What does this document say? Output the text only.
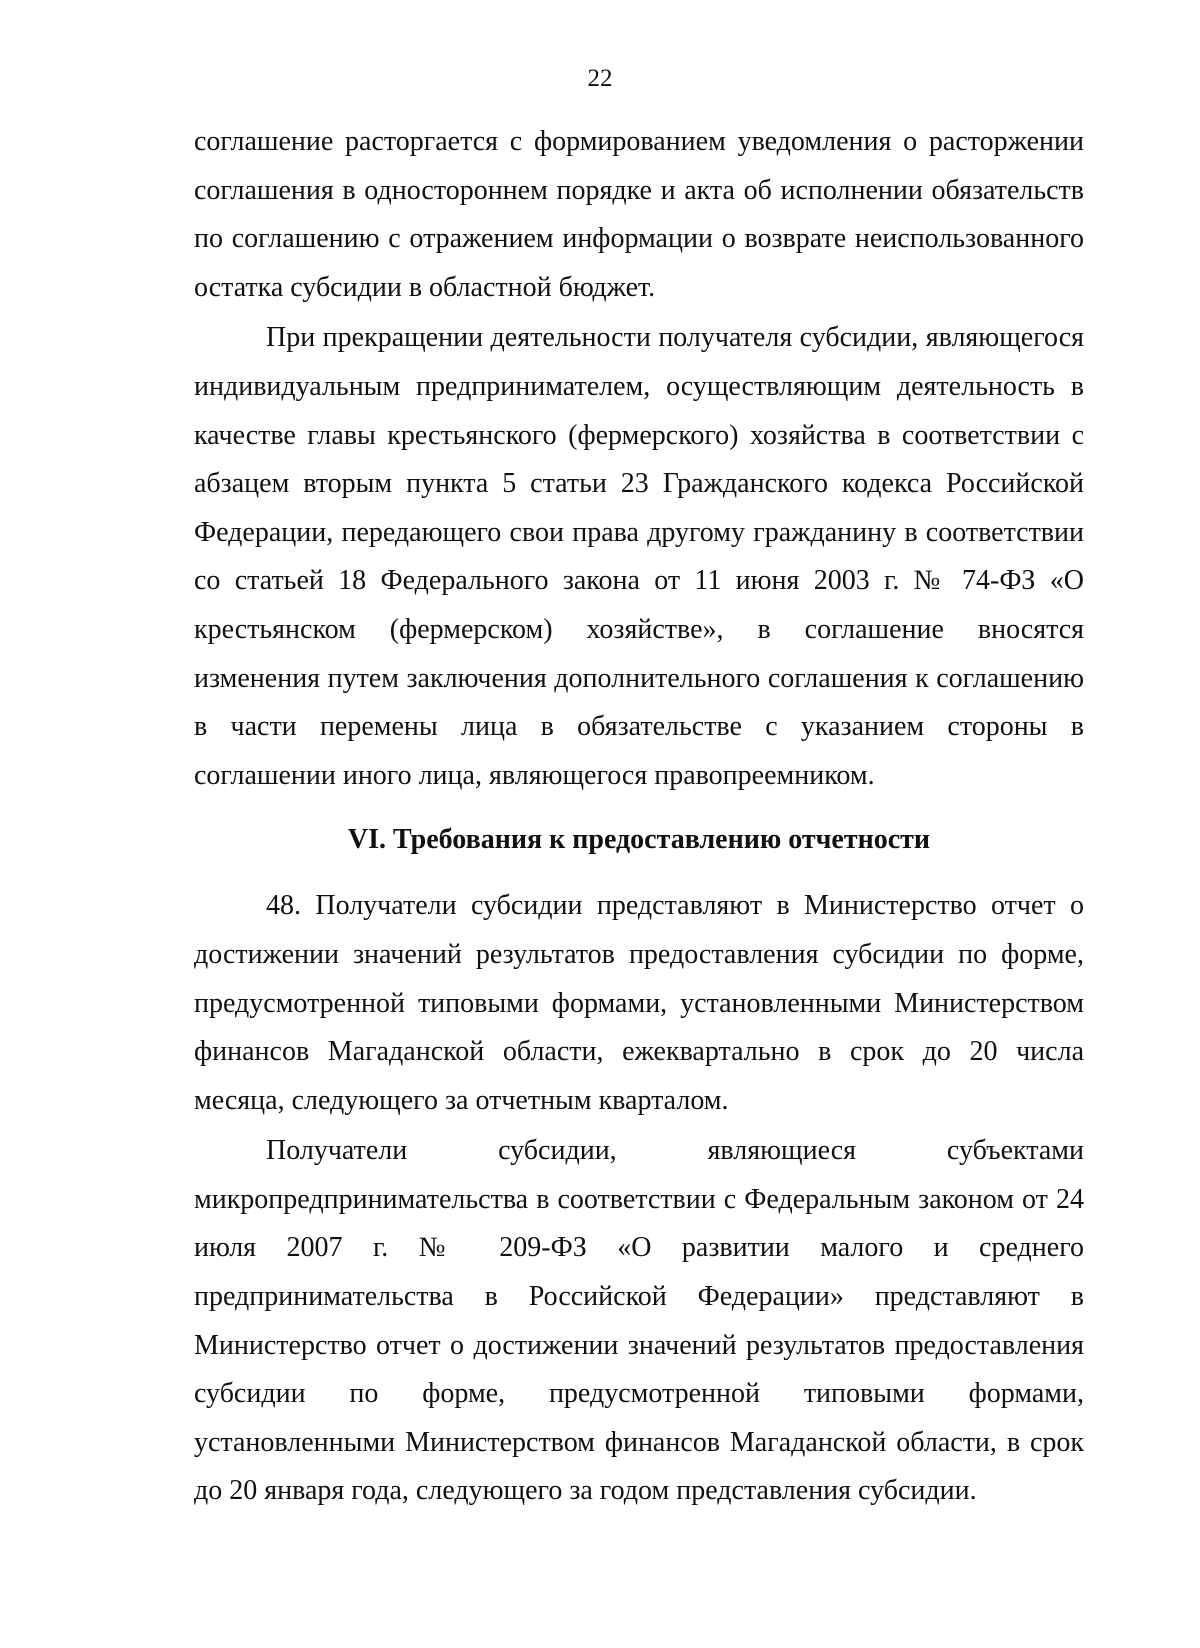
22

соглашение расторгается с формированием уведомления о расторжении
соглашения в одностороннем порядке и акта об исполнении обязательств
по соглашению с отражением информации о возврате неиспользованного
остатка субсидии в областной бюджет.

При прекращении деятельности получателя субсидии, являющегося
индивидуальным предпринимателем, осуществляющим деятельность в
качестве главы крестьянского (фермерского) хозяйства в соответствии с
абзацем вторым пункта 5 статьи 23 Гражданского кодекса Российской
Федерации, передающего свои права другому гражданину в соответствии
со статьей 18 Федерального закона от 11 июня 2003 г. № 74-ФЗ «О
крестьянском (фермерском) хозяйстве», в соглашение вносятся
изменения путем заключения дополнительного соглашения к соглашению
в части перемены лица в обязательстве с указанием стороны в
соглашении иного лица, являющегося правопреемником.

VI. Требования к предоставлению отчетности

48. Получатели субсидии представляют в Министерство отчет о
достижении значений результатов предоставления субсидии по форме,
предусмотренной типовыми формами, установленными Министерством
финансов Магаданской области, ежеквартально в срок до 20 числа
месяца, следующего за отчетным кварталом.

Получатели субсидии, являющиеся субъектами
микропредпринимательства в соответствии с Федеральным законом от 24
июля 2007 г. № 209-ФЗ «О развитии малого и среднего
предпринимательства в Российской Федерации» представляют в
Министерство отчет о достижении значений результатов предоставления
субсидии по форме, предусмотренной типовыми формами,
установленными Министерством финансов Магаданской области, в срок
до 20 января года, следующего за годом представления субсидии.
